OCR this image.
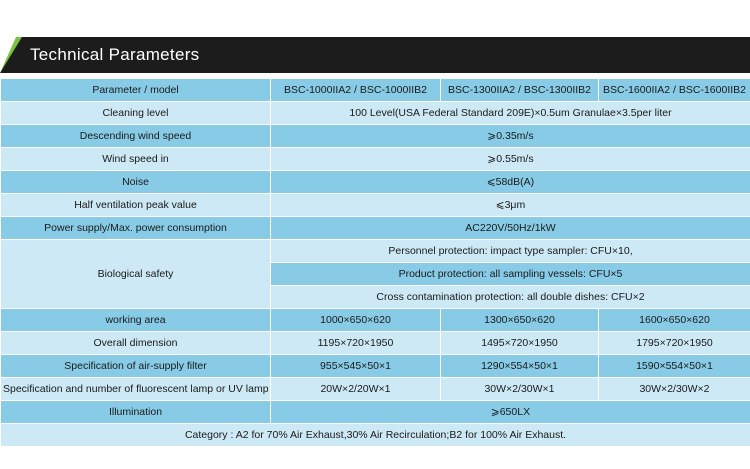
Technical Parameters
Parameter / model	BSC-1000IIA2 / BSC-1000IIB2	BSC-1300IIA2 / BSC-1300IIB2	BSC-1600IIA2 / BSC-1600IIB2
Cleaning level	100 Level(USA Federal Standard 209E)×0.5um Granulae×3.5per liter		
Descending wind speed	⩾0.35m/s		
Wind speed in	⩾0.55m/s		
Noise	⩽58dB(A)		
Half ventilation peak value	⩽3μm		
Power supply/Max. power consumption	AC220V/50Hz/1kW		
Biological safety	Personnel protection: impact type sampler: CFU×10,		
	Product protection: all sampling vessels: CFU×5		
	Cross contamination protection: all double dishes: CFU×2		
working area	1000×650×620	1300×650×620	1600×650×620
Overall dimension	1195×720×1950	1495×720×1950	1795×720×1950
Specification of air-supply filter	955×545×50×1	1290×554×50×1	1590×554×50×1
Specification and number of fluorescent lamp or UV lamp	20W×2/20W×1	30W×2/30W×1	30W×2/30W×2
Illumination	⩾650LX		
Category : A2 for 70% Air Exhaust,30% Air Recirculation;B2 for 100% Air Exhaust.			
